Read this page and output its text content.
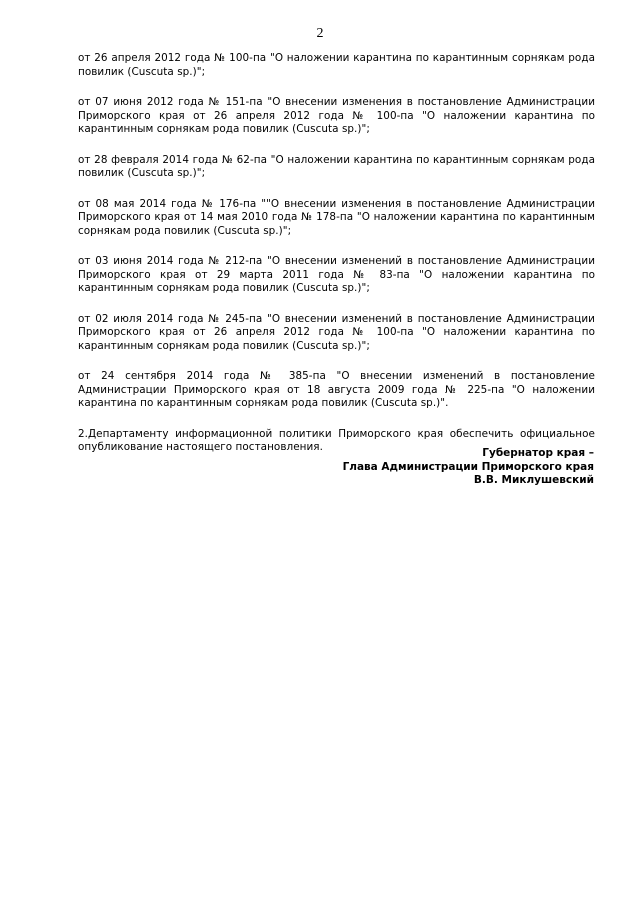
2

от 26 апреля 2012 года № 100-па "О наложении карантина по карантинным сорнякам рода повилик (Cuscuta sp.)";

от 07 июня 2012 года № 151-па "О внесении изменения в постановление Администрации Приморского края от 26 апреля 2012 года № 100-па "О наложении карантина по карантинным сорнякам рода повилик (Cuscuta sp.)";

от 28 февраля 2014 года № 62-па "О наложении карантина по карантинным сорнякам рода повилик (Cuscuta sp.)";

от 08 мая 2014 года № 176-па ""О внесении изменения в постановление Администрации Приморского края от 14 мая 2010 года № 178-па "О наложении карантина по карантинным сорнякам рода повилик (Cuscuta sp.)";

от 03 июня 2014 года № 212-па "О внесении изменений в постановление Администрации Приморского края от 29 марта 2011 года № 83-па "О наложении карантина по карантинным сорнякам рода повилик (Cuscuta sp.)";

от 02 июля 2014 года № 245-па "О внесении изменений в постановление Администрации Приморского края от 26 апреля 2012 года № 100-па "О наложении карантина по карантинным сорнякам рода повилик (Cuscuta sp.)";

от 24 сентября 2014 года № 385-па "О внесении изменений в постановление Администрации Приморского края от 18 августа 2009 года № 225-па "О наложении карантина по карантинным сорнякам рода повилик (Cuscuta sp.)".

2.Департаменту информационной политики Приморского края обеспечить официальное опубликование настоящего постановления.	Губернатор края –
Глава Администрации Приморского края
В.В. Миклушевский
